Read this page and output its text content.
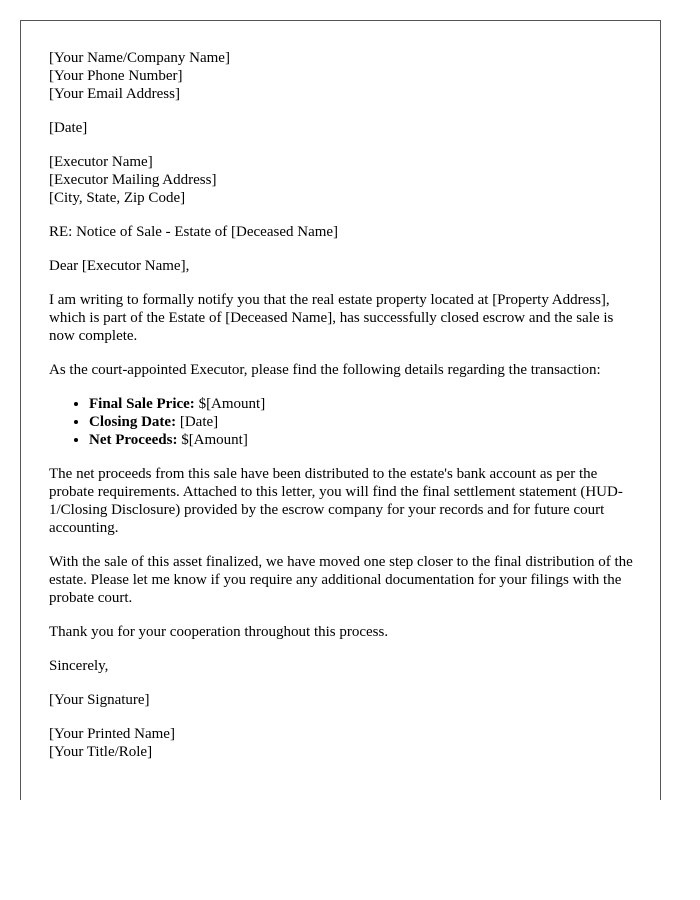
[Your Name/Company Name]
[Your Phone Number]
[Your Email Address]
[Date]
[Executor Name]
[Executor Mailing Address]
[City, State, Zip Code]

RE: Notice of Sale - Estate of [Deceased Name]

Dear [Executor Name],

I am writing to formally notify you that the real estate property located at [Property Address], which is part of the Estate of [Deceased Name], has successfully closed escrow and the sale is now complete.

As the court-appointed Executor, please find the following details regarding the transaction:

• Final Sale Price: $[Amount]
• Closing Date: [Date]
• Net Proceeds: $[Amount]

The net proceeds from this sale have been distributed to the estate's bank account as per the probate requirements. Attached to this letter, you will find the final settlement statement (HUD-1/Closing Disclosure) provided by the escrow company for your records and for future court accounting.

With the sale of this asset finalized, we have moved one step closer to the final distribution of the estate. Please let me know if you require any additional documentation for your filings with the probate court.

Thank you for your cooperation throughout this process.

Sincerely,

[Your Signature]

[Your Printed Name]
[Your Title/Role]
